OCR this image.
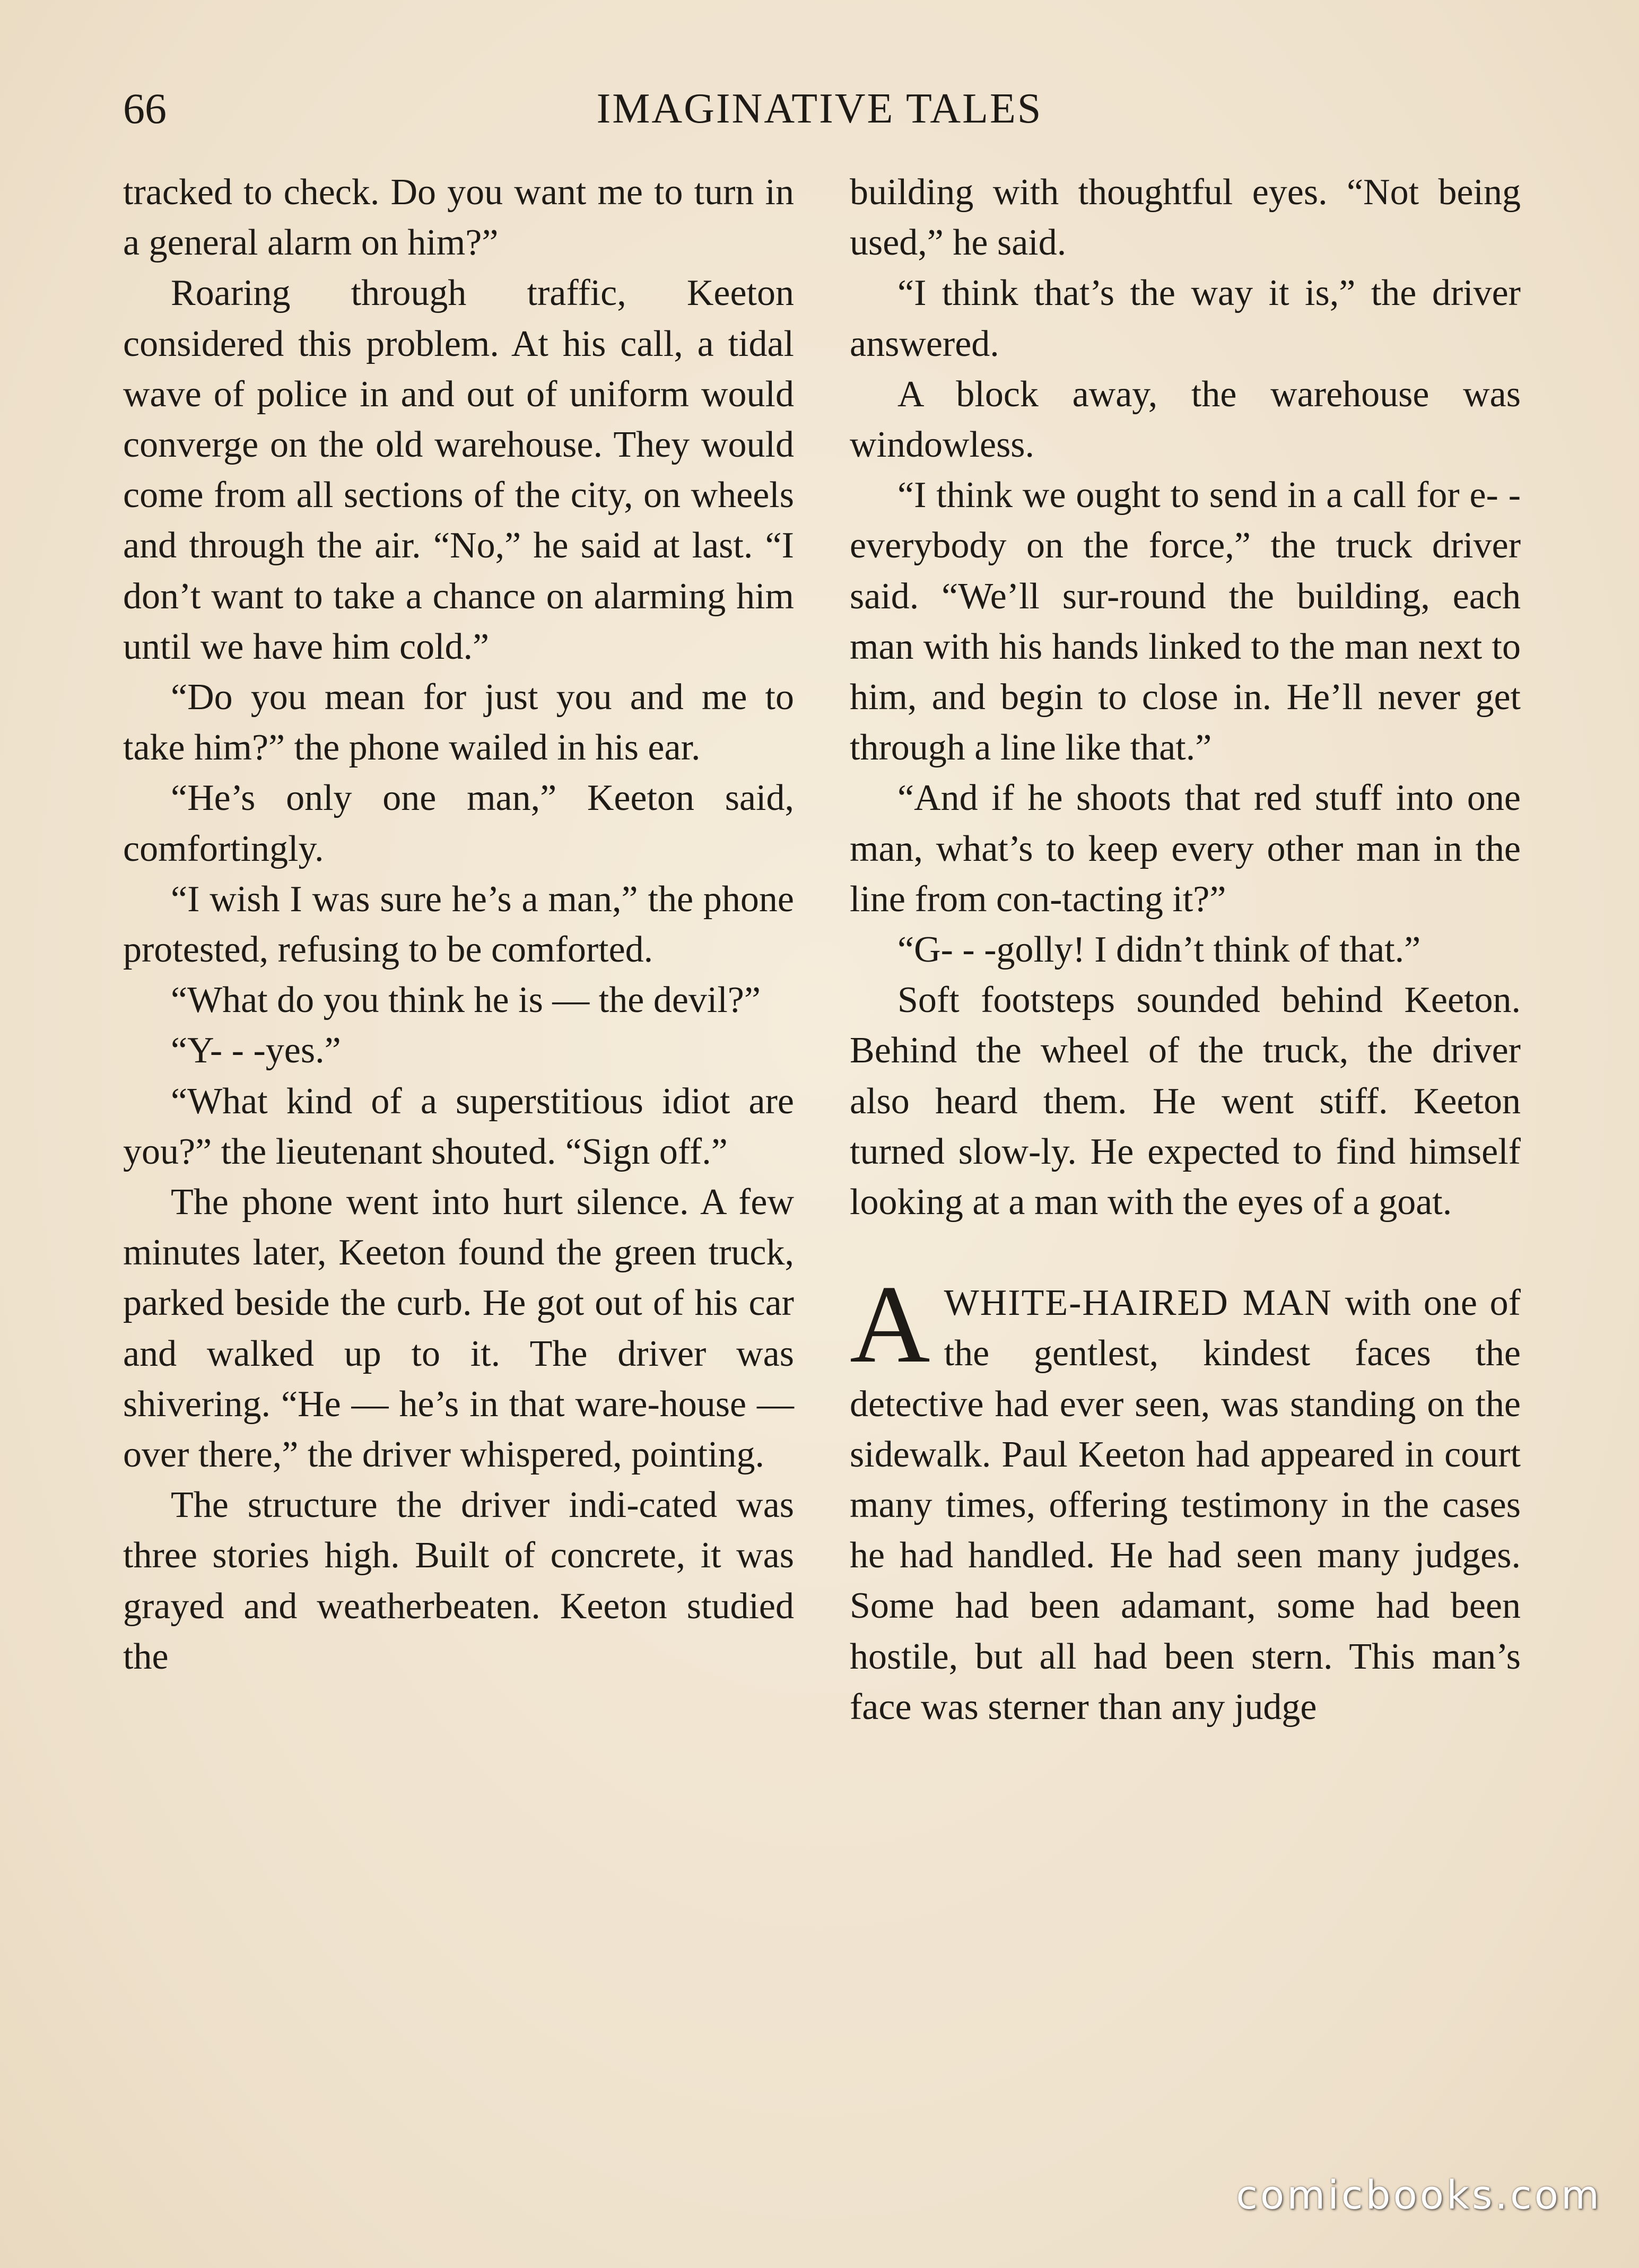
66	IMAGINATIVE TALES

tracked to check. Do you want me to turn in a general alarm on him?”

Roaring through traffic, Keeton considered this problem. At his call, a tidal wave of police in and out of uniform would converge on the old warehouse. They would come from all sections of the city, on wheels and through the air. “No,” he said at last. “I don’t want to take a chance on alarming him until we have him cold.”

“Do you mean for just you and me to take him?” the phone wailed in his ear.

“He’s only one man,” Keeton said, comfortingly.

“I wish I was sure he’s a man,” the phone protested, refusing to be comforted.

“What do you think he is — the devil?”

“Y- - -yes.”

“What kind of a superstitious idiot are you?” the lieutenant shouted. “Sign off.”

The phone went into hurt silence. A few minutes later, Keeton found the green truck, parked beside the curb. He got out of his car and walked up to it. The driver was shivering. “He — he’s in that ware-house — over there,” the driver whispered, pointing.

The structure the driver indi-cated was three stories high. Built of concrete, it was grayed and weatherbeaten. Keeton studied the

building with thoughtful eyes. “Not being used,” he said.

“I think that’s the way it is,” the driver answered.

A block away, the warehouse was windowless.

“I think we ought to send in a call for e- -everybody on the force,” the truck driver said. “We’ll sur-round the building, each man with his hands linked to the man next to him, and begin to close in. He’ll never get through a line like that.”

“And if he shoots that red stuff into one man, what’s to keep every other man in the line from con-tacting it?”

“G- - -golly! I didn’t think of that.”

Soft footsteps sounded behind Keeton. Behind the wheel of the truck, the driver also heard them. He went stiff. Keeton turned slow-ly. He expected to find himself looking at a man with the eyes of a goat.

AWHITE-HAIRED MAN with one of the gentlest, kindest faces the detective had ever seen, was standing on the sidewalk. Paul Keeton had appeared in court many times, offering testimony in the cases he had handled. He had seen many judges. Some had been adamant, some had been hostile, but all had been stern. This man’s face was sterner than any judge

comicbooks.com
